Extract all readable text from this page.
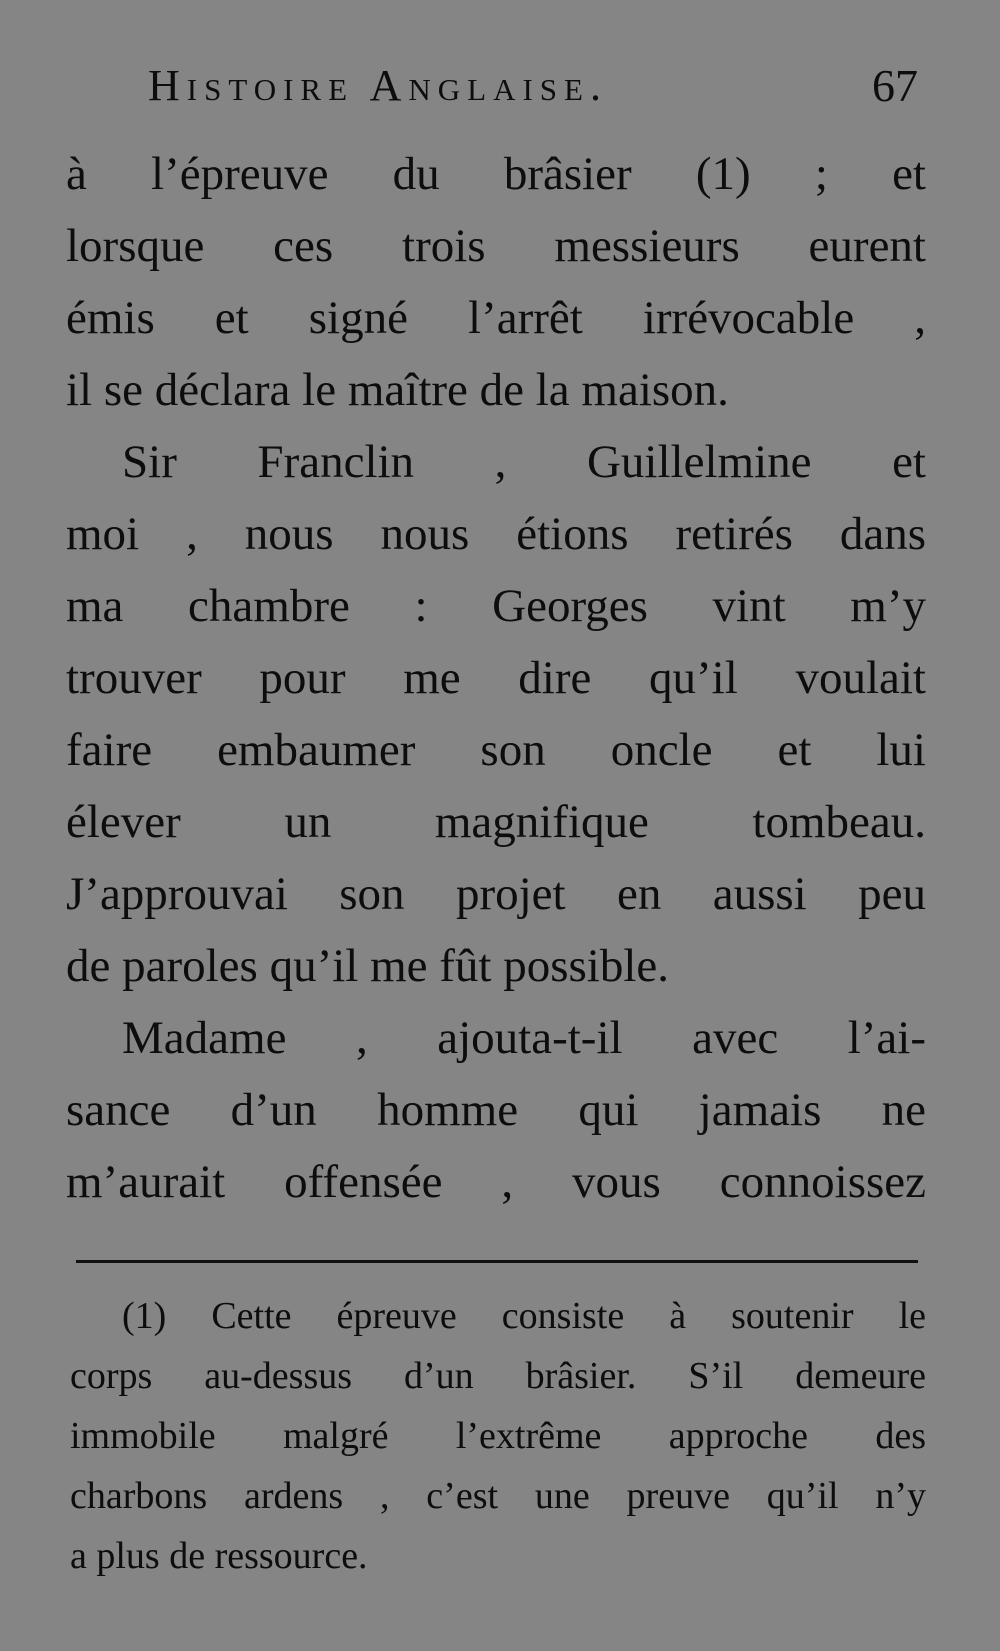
Histoire Anglaise.	67
à l’épreuve du brâsier (1) ; et
lorsque ces trois messieurs eurent
émis et signé l’arrêt irrévocable ,
il se déclara le maître de la maison.
Sir Franclin , Guillelmine et
moi , nous nous étions retirés dans
ma chambre : Georges vint m’y
trouver pour me dire qu’il voulait
faire embaumer son oncle et lui
élever un magnifique tombeau.
J’approuvai son projet en aussi peu
de paroles qu’il me fût possible.
Madame , ajouta-t-il avec l’ai-
sance d’un homme qui jamais ne
m’aurait offensée , vous connoissez
(1) Cette épreuve consiste à soutenir le
corps au-dessus d’un brâsier. S’il demeure
immobile malgré l’extrême approche des
charbons ardens , c’est une preuve qu’il n’y
a plus de ressource.
